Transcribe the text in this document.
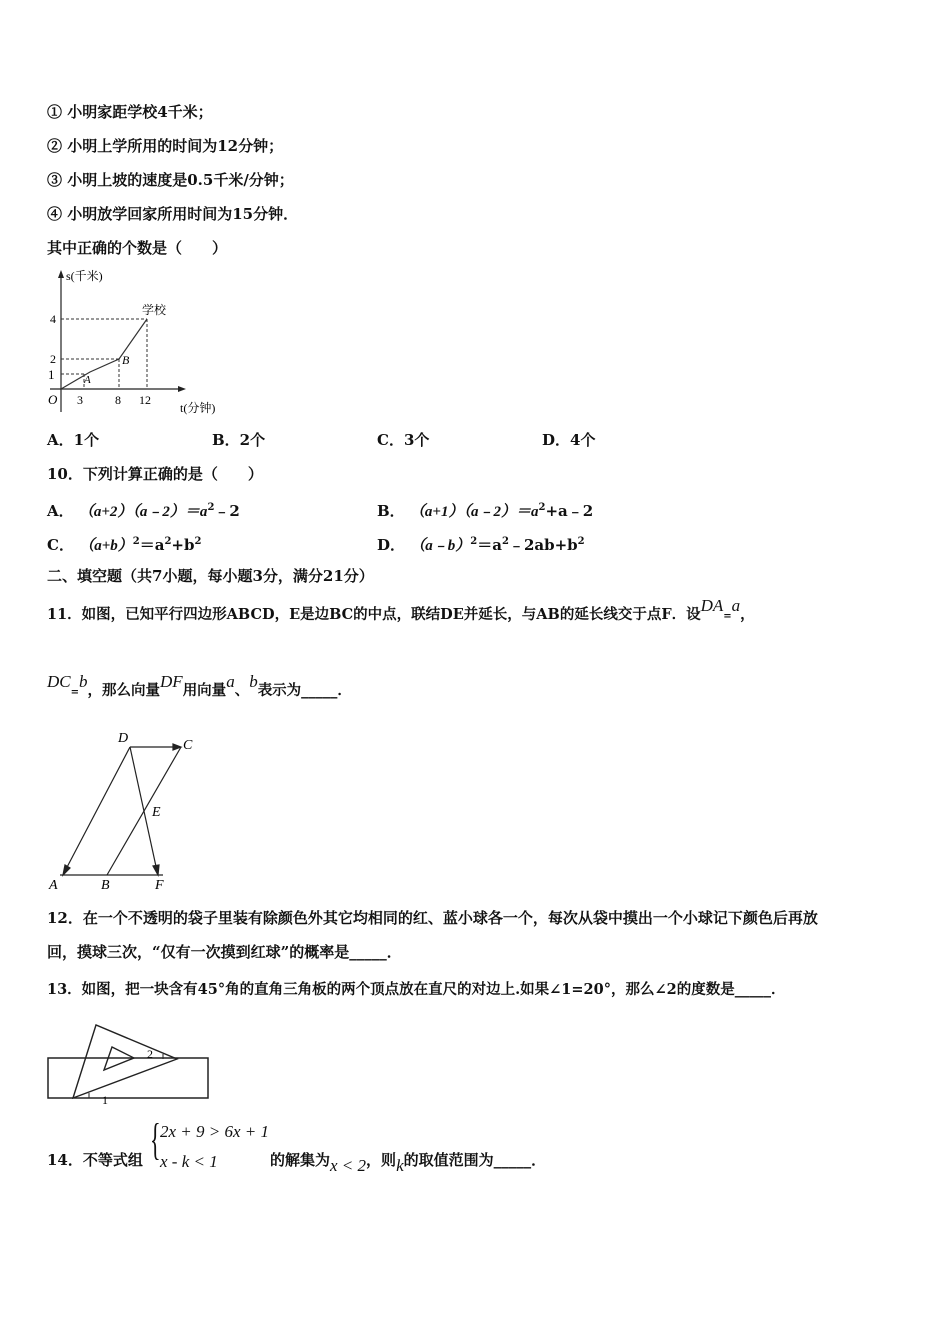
① 小明家距学校4千米；
② 小明上学所用的时间为12分钟；
③ 小明上坡的速度是0.5千米/分钟；
④ 小明放学回家所用时间为15分钟．
其中正确的个数是（　　）
s(千米)
t(分钟)
O
学校
A
B
1
2
4
3	8 12
A．1个	B．2个	C．3个	D．4个
10．下列计算正确的是（　　）
A． $(a+2)(a﹣2)=a^2﹣2$	B． $(a+1)(a﹣2)=a^2+a﹣2$
C． $(a+b)^2=a^2+b^2$	D． $(a﹣b)^2=a^2﹣2ab+b^2$
二、填空题（共7小题，每小题3分，满分21分）
11．如图，已知平行四边形ABCD，E是边BC的中点，联结DE并延长，与AB的延长线交于点F．设DA=a，
DC=b，那么向量DF用向量a、b表示为_____．
D	C
E
A	B	F
12．在一个不透明的袋子里装有除颜色外其它均相同的红、蓝小球各一个，每次从袋中摸出一个小球记下颜色后再放
回，摸球三次，“仅有一次摸到红球”的概率是_____．
13．如图，把一块含有45°角的直角三角板的两个顶点放在直尺的对边上.如果∠1=20°，那么∠2的度数是_____．
1
2
14．不等式组 { 2x + 9 > 6x + 1
x - k < 1	的解集为x < 2，则k的取值范围为_____．
